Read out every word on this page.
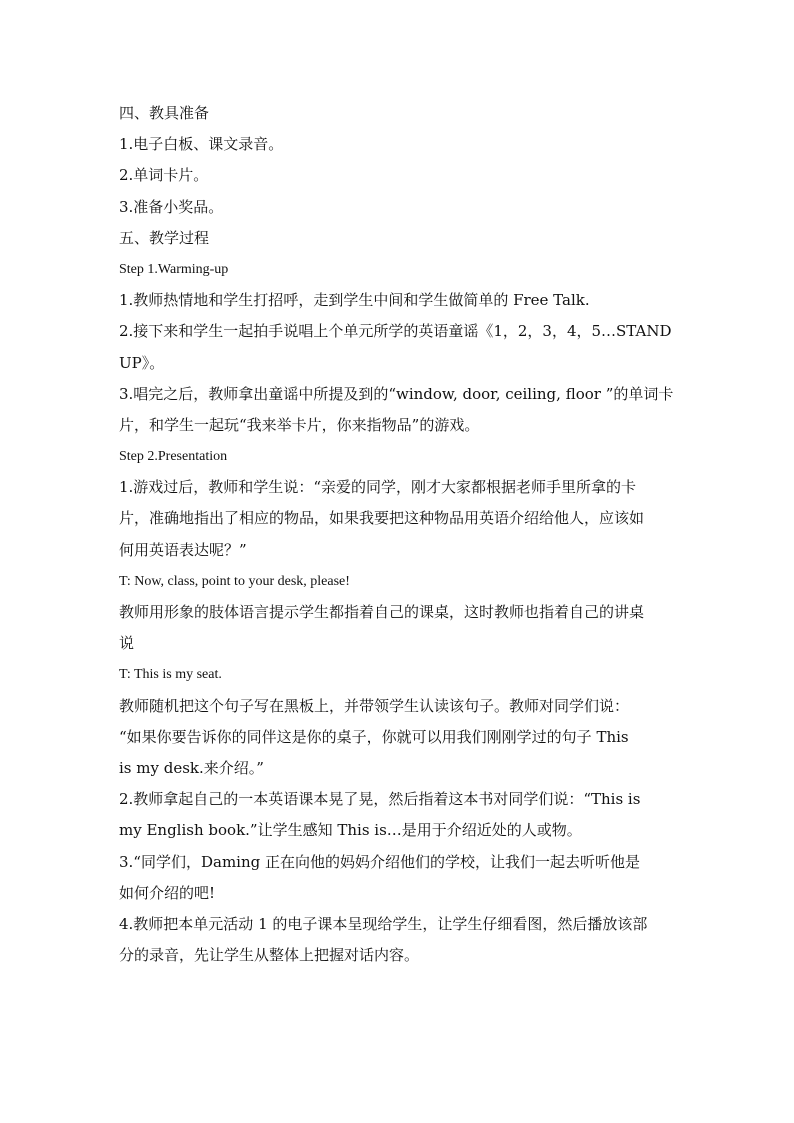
四、教具准备
1.电子白板、课文录音。
2.单词卡片。
3.准备小奖品。
五、教学过程
Step 1.Warming-up
1.教师热情地和学生打招呼，走到学生中间和学生做简单的 Free Talk.
2.接下来和学生一起拍手说唱上个单元所学的英语童谣《1，2，3，4，5…STAND
UP》。
3.唱完之后，教师拿出童谣中所提及到的“window, door, ceiling, floor ”的单词卡
片，和学生一起玩“我来举卡片，你来指物品”的游戏。
Step 2.Presentation
1.游戏过后，教师和学生说：“亲爱的同学，刚才大家都根据老师手里所拿的卡
片，准确地指出了相应的物品，如果我要把这种物品用英语介绍给他人，应该如
何用英语表达呢？”
T: Now, class, point to your desk, please!
教师用形象的肢体语言提示学生都指着自己的课桌，这时教师也指着自己的讲桌
说
T: This is my seat.
教师随机把这个句子写在黑板上，并带领学生认读该句子。教师对同学们说：
“如果你要告诉你的同伴这是你的桌子，你就可以用我们刚刚学过的句子 This
is my desk.来介绍。”
2.教师拿起自己的一本英语课本晃了晃，然后指着这本书对同学们说：“This is
my English book.”让学生感知 This is…是用于介绍近处的人或物。
3.“同学们，Daming 正在向他的妈妈介绍他们的学校，让我们一起去听听他是
如何介绍的吧!
4.教师把本单元活动 1 的电子课本呈现给学生，让学生仔细看图，然后播放该部
分的录音，先让学生从整体上把握对话内容。
